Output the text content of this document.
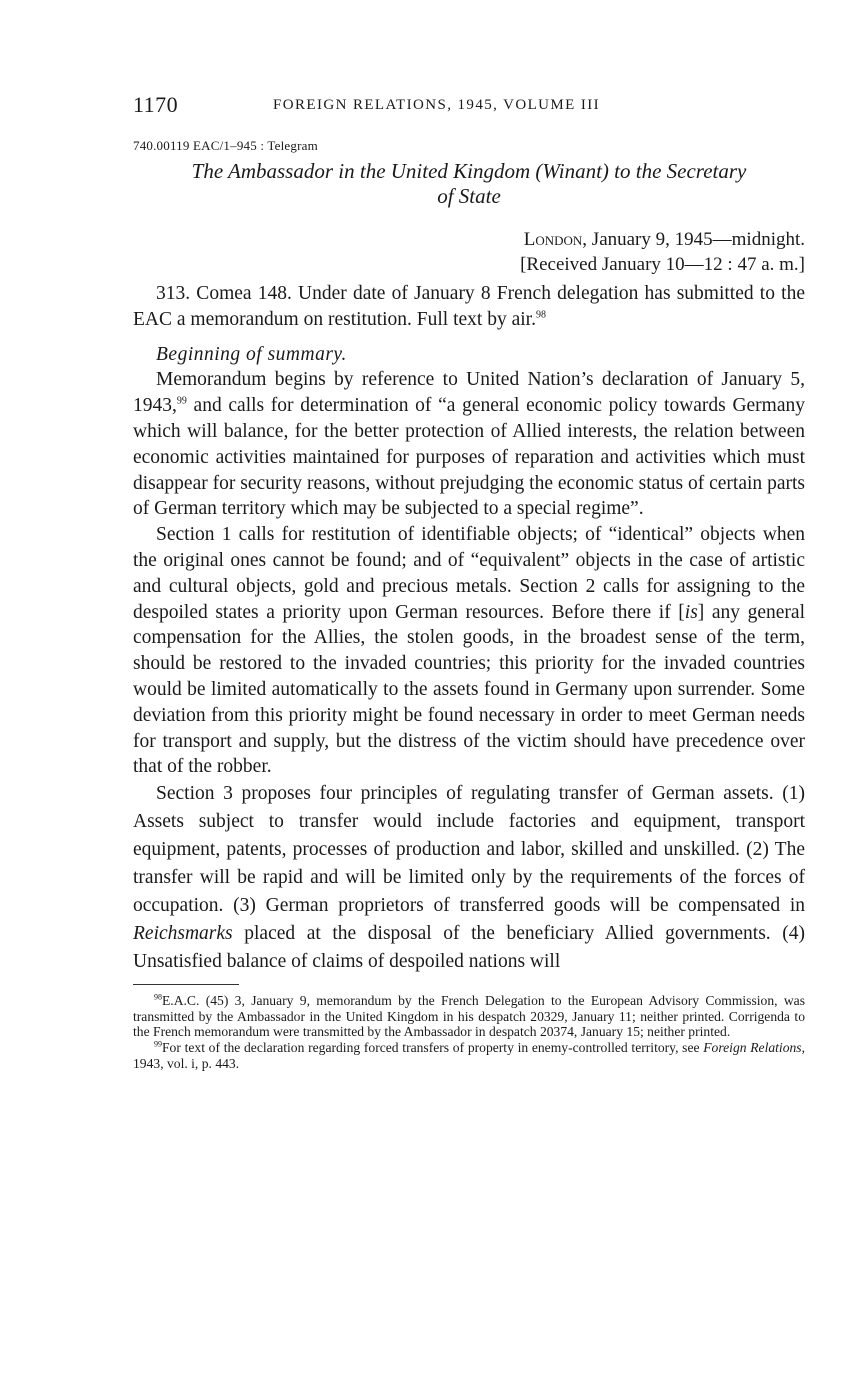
1170	FOREIGN RELATIONS, 1945, VOLUME III
740.00119 EAC/1–945 : Telegram
The Ambassador in the United Kingdom (Winant) to the Secretary
of State
London, January 9, 1945—midnight.
[Received January 10—12 : 47 a. m.]

313. Comea 148. Under date of January 8 French delegation has submitted to the EAC a memorandum on restitution. Full text by air.$^{98}$

Beginning of summary.

Memorandum begins by reference to United Nation’s declaration of January 5, 1943,99 and calls for determination of “a general economic policy towards Germany which will balance, for the better protection of Allied interests, the relation between economic activities maintained for purposes of reparation and activities which must disappear for security reasons, without prejudging the economic status of certain parts of German territory which may be subjected to a special regime”.

Section 1 calls for restitution of identifiable objects; of “identical” objects when the original ones cannot be found; and of “equivalent” objects in the case of artistic and cultural objects, gold and precious metals. Section 2 calls for assigning to the despoiled states a priority upon German resources. Before there if [is] any general compensation for the Allies, the stolen goods, in the broadest sense of the term, should be restored to the invaded countries; this priority for the invaded countries would be limited automatically to the assets found in Germany upon surrender. Some deviation from this priority might be found necessary in order to meet German needs for transport and supply, but the distress of the victim should have precedence over that of the robber.

Section 3 proposes four principles of regulating transfer of German assets. (1) Assets subject to transfer would include factories and equipment, transport equipment, patents, processes of production and labor, skilled and unskilled. (2) The transfer will be rapid and will be limited only by the requirements of the forces of occupation. (3) German proprietors of transferred goods will be compensated in Reichsmarks placed at the disposal of the beneficiary Allied governments. (4) Unsatisfied balance of claims of despoiled nations will

$^{98}$E.A.C. (45) 3, January 9, memorandum by the French Delegation to the European Advisory Commission, was transmitted by the Ambassador in the United Kingdom in his despatch 20329, January 11; neither printed. Corrigenda to the French memorandum were transmitted by the Ambassador in despatch 20374, January 15; neither printed.

$^{99}$For text of the declaration regarding forced transfers of property in enemy-controlled territory, see Foreign Relations, 1943, vol. i, p. 443.
